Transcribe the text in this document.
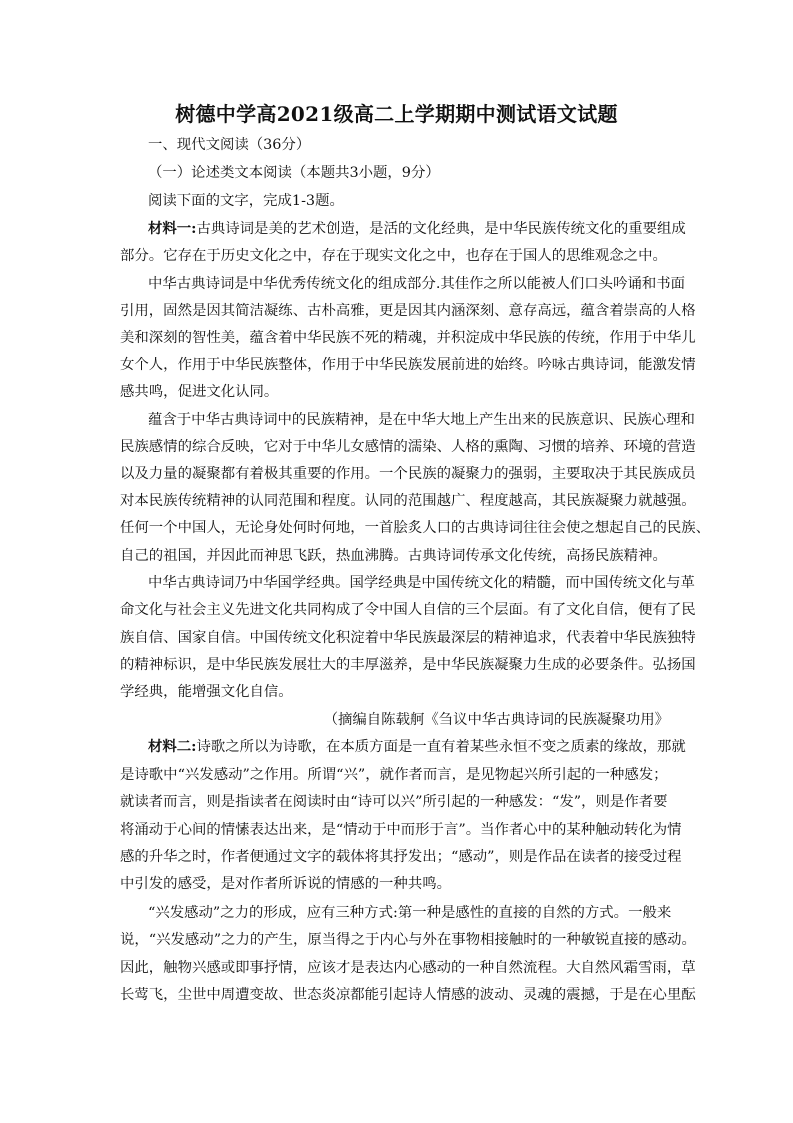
树德中学高2021级高二上学期期中测试语文试题
一、现代文阅读（36分）
（一）论述类文本阅读（本题共3小题，9分）
阅读下面的文字，完成1-3题。
材料一:古典诗词是美的艺术创造，是活的文化经典，是中华民族传统文化的重要组成
部分。它存在于历史文化之中，存在于现实文化之中，也存在于国人的思维观念之中。
中华古典诗词是中华优秀传统文化的组成部分.其佳作之所以能被人们口头吟诵和书面
引用，固然是因其简洁凝练、古朴高雅，更是因其内涵深刻、意存高远，蕴含着崇高的人格
美和深刻的智性美，蕴含着中华民族不死的精魂，并积淀成中华民族的传统，作用于中华儿
女个人，作用于中华民族整体，作用于中华民族发展前进的始终。吟咏古典诗词，能激发情
感共鸣，促进文化认同。
蕴含于中华古典诗词中的民族精神，是在中华大地上产生出来的民族意识、民族心理和
民族感情的综合反映，它对于中华儿女感情的濡染、人格的熏陶、习惯的培养、环境的营造
以及力量的凝聚都有着极其重要的作用。一个民族的凝聚力的强弱，主要取决于其民族成员
对本民族传统精神的认同范围和程度。认同的范围越广、程度越高，其民族凝聚力就越强。
任何一个中国人，无论身处何时何地，一首脍炙人口的古典诗词往往会使之想起自己的民族、
自己的祖国，并因此而神思飞跃，热血沸腾。古典诗词传承文化传统，高扬民族精神。
中华古典诗词乃中华国学经典。国学经典是中国传统文化的精髓，而中国传统文化与革
命文化与社会主义先进文化共同构成了令中国人自信的三个层面。有了文化自信，便有了民
族自信、国家自信。中国传统文化积淀着中华民族最深层的精神追求，代表着中华民族独特
的精神标识，是中华民族发展壮大的丰厚滋养，是中华民族凝聚力生成的必要条件。弘扬国
学经典，能增强文化自信。
（摘编自陈载舸《刍议中华古典诗词的民族凝聚功用》
材料二:诗歌之所以为诗歌，在本质方面是一直有着某些永恒不变之质素的缘故，那就
是诗歌中“兴发感动”之作用。所谓“兴”，就作者而言，是见物起兴所引起的一种感发；
就读者而言，则是指读者在阅读时由“诗可以兴”所引起的一种感发：“发”，则是作者要
将涌动于心间的情愫表达出来，是“情动于中而形于言”。当作者心中的某种触动转化为情
感的升华之时，作者便通过文字的载体将其抒发出；“感动”，则是作品在读者的接受过程
中引发的感受，是对作者所诉说的情感的一种共鸣。
“兴发感动”之力的形成，应有三种方式:第一种是感性的直接的自然的方式。一般来
说，“兴发感动”之力的产生，原当得之于内心与外在事物相接触时的一种敏锐直接的感动。
因此，触物兴感或即事抒情，应该才是表达内心感动的一种自然流程。大自然风霜雪雨，草
长莺飞，尘世中周遭变故、世态炎凉都能引起诗人情感的波动、灵魂的震撼，于是在心里酝
